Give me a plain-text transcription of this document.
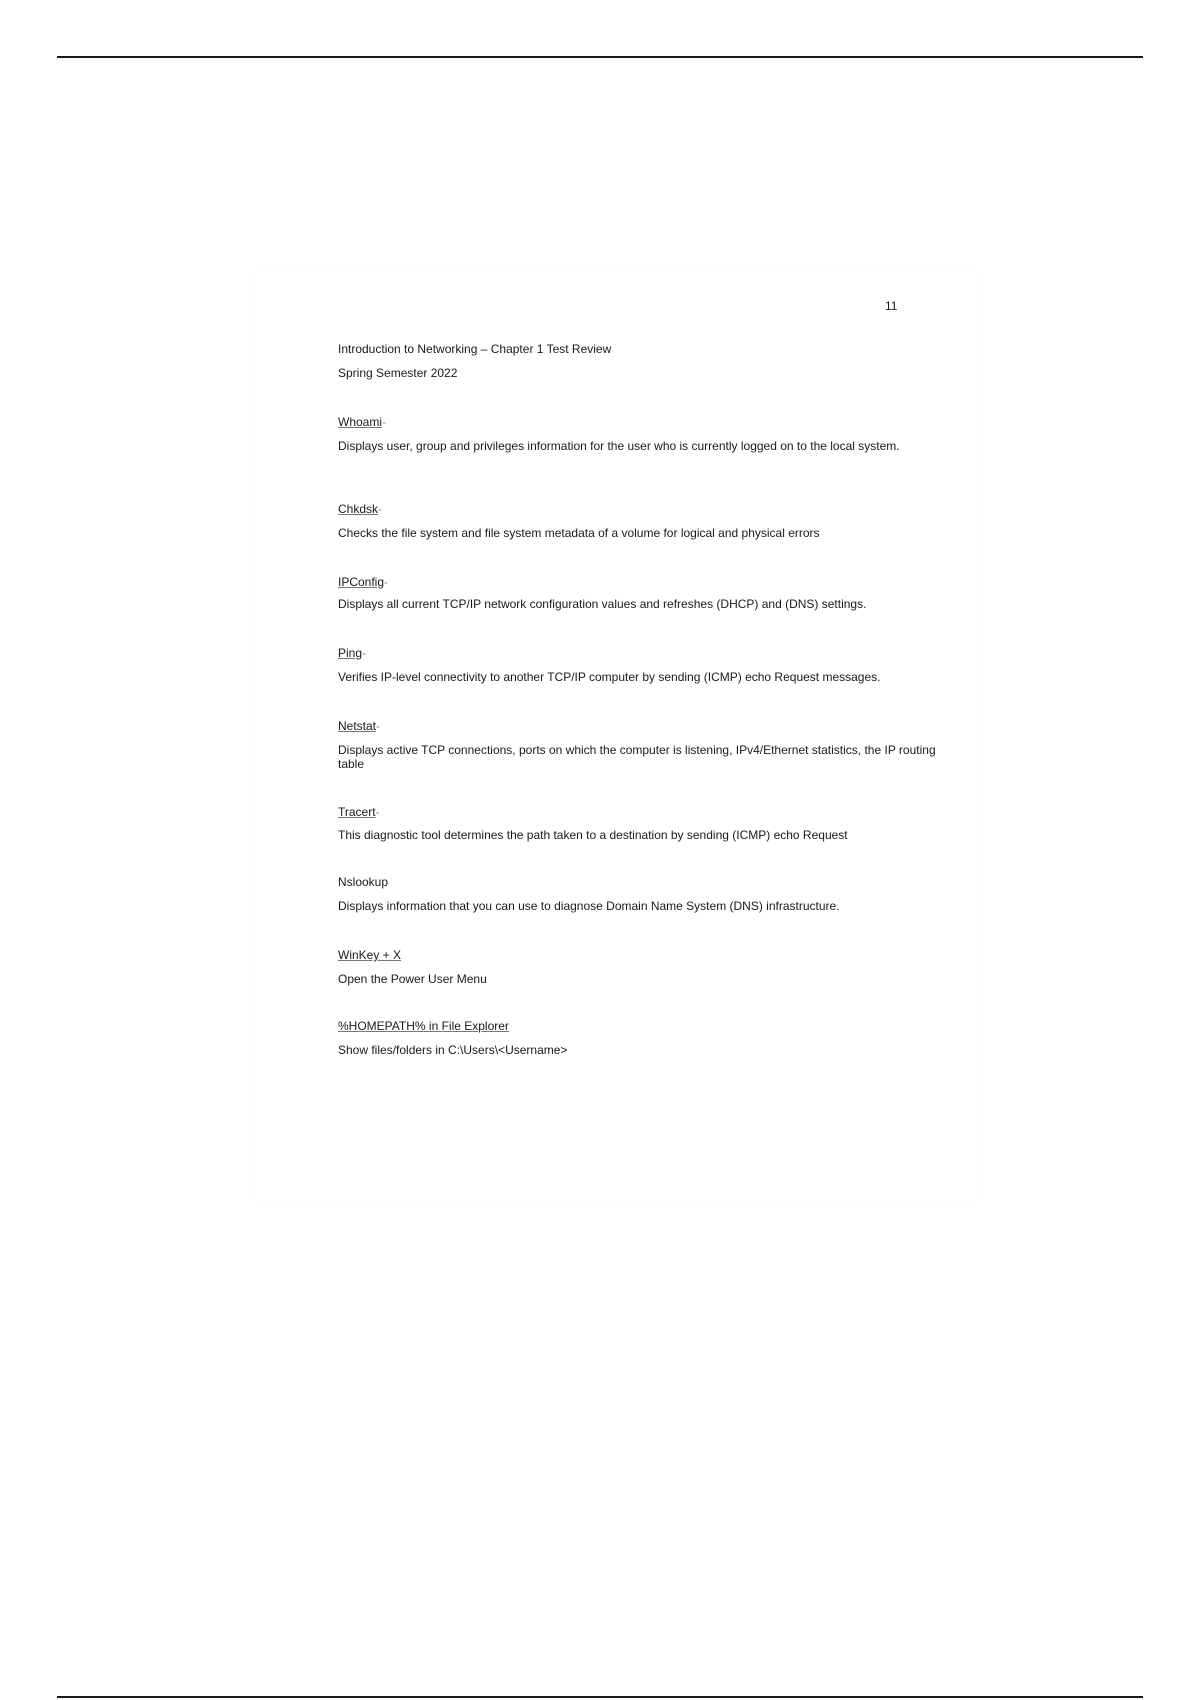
11
Introduction to Networking – Chapter 1 Test Review
Spring Semester 2022
Whoami-
Displays user, group and privileges information for the user who is currently logged on to the local system.
Chkdsk-
Checks the file system and file system metadata of a volume for logical and physical errors
IPConfig-
Displays all current TCP/IP network configuration values and refreshes (DHCP) and (DNS) settings.
Ping-
Verifies IP-level connectivity to another TCP/IP computer by sending (ICMP) echo Request messages.
Netstat-
Displays active TCP connections, ports on which the computer is listening, IPv4/Ethernet statistics, the IP routing table
Tracert-
This diagnostic tool determines the path taken to a destination by sending (ICMP) echo Request
Nslookup
Displays information that you can use to diagnose Domain Name System (DNS) infrastructure.
WinKey + X
Open the Power User Menu
%HOMEPATH% in File Explorer
Show files/folders in C:\Users\<Username>
